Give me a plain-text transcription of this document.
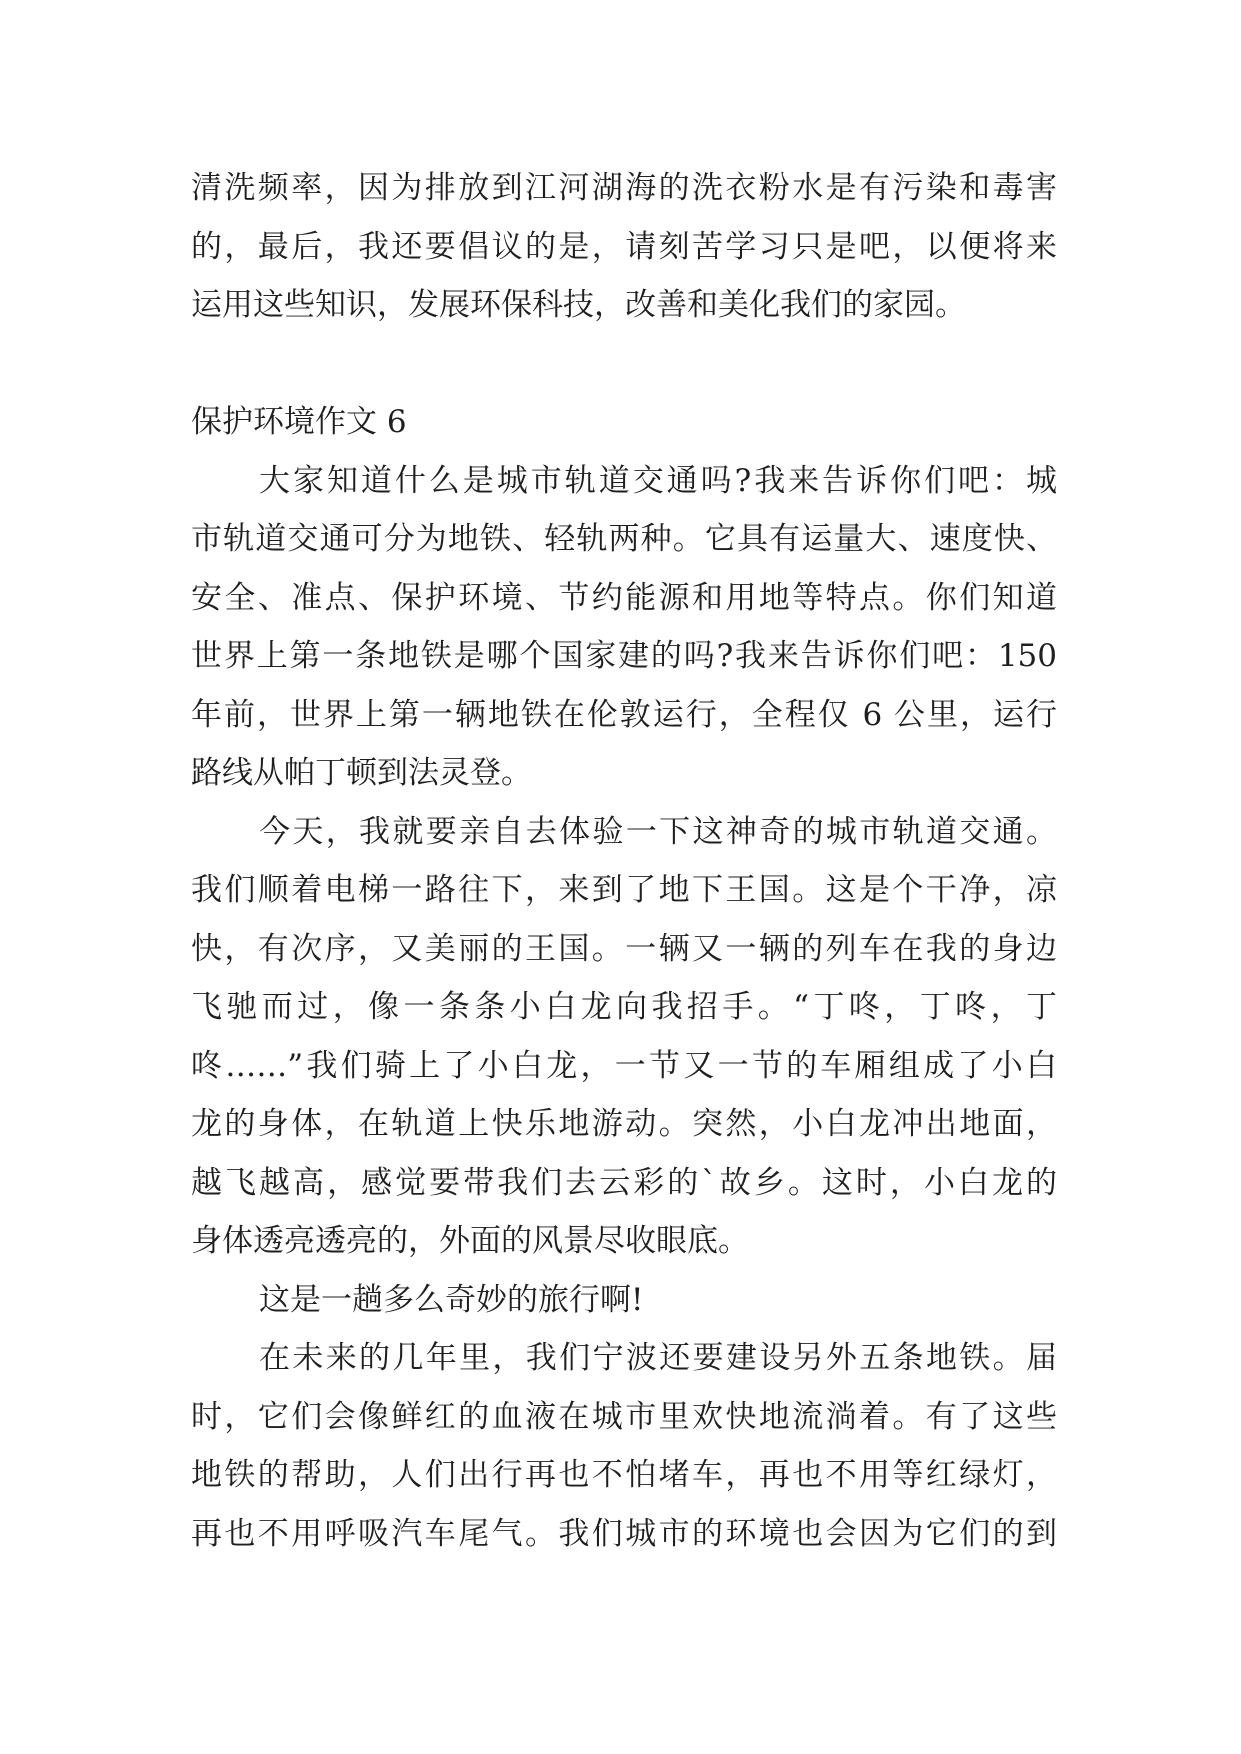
清洗频率，因为排放到江河湖海的洗衣粉水是有污染和毒害
的，最后，我还要倡议的是，请刻苦学习只是吧，以便将来
运用这些知识，发展环保科技，改善和美化我们的家园。
保护环境作文 6
大家知道什么是城市轨道交通吗?我来告诉你们吧：城
市轨道交通可分为地铁、轻轨两种。它具有运量大、速度快、
安全、准点、保护环境、节约能源和用地等特点。你们知道
世界上第一条地铁是哪个国家建的吗?我来告诉你们吧：150
年前，世界上第一辆地铁在伦敦运行，全程仅 6 公里，运行
路线从帕丁顿到法灵登。
今天，我就要亲自去体验一下这神奇的城市轨道交通。
我们顺着电梯一路往下，来到了地下王国。这是个干净，凉
快，有次序，又美丽的王国。一辆又一辆的列车在我的身边
飞驰而过，像一条条小白龙向我招手。“丁咚，丁咚，丁
咚……”我们骑上了小白龙，一节又一节的车厢组成了小白
龙的身体，在轨道上快乐地游动。突然，小白龙冲出地面，
越飞越高，感觉要带我们去云彩的`故乡。这时，小白龙的
身体透亮透亮的，外面的风景尽收眼底。
这是一趟多么奇妙的旅行啊!
在未来的几年里，我们宁波还要建设另外五条地铁。届
时，它们会像鲜红的血液在城市里欢快地流淌着。有了这些
地铁的帮助，人们出行再也不怕堵车，再也不用等红绿灯，
再也不用呼吸汽车尾气。我们城市的环境也会因为它们的到
